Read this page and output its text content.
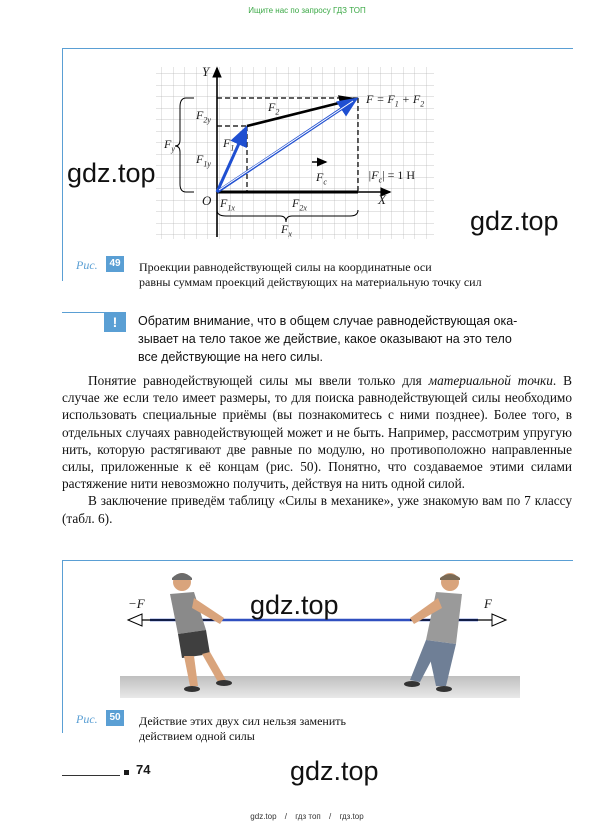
Ищите нас по запросу ГДЗ ТОП
Y
X
O
$F_{2y}$
$F_y$
$F_{1y}$
$F_{1x}$	$F_{2x}$
$F_x$
$F_1$
$F_2$
$F_c$
$F = F_1 + F_2$
$|F_c| = 1$ Н
gdz.top
gdz.top
Рис.	49 Проекции равнодействующей силы на координатные оси
равны суммам проекций действующих на материальную точку сил
!	Обратим внимание, что в общем случае равнодействующая ока-
зывает на тело такое же действие, какое оказывают на это тело
все действующие на него силы.

Понятие равнодействующей силы мы ввели только для материальной точки. В случае же если тело имеет размеры, то для поиска равнодействующей силы необходимо использовать специальные приёмы (вы познакомитесь с ними позднее). Более того, в отдельных случаях равнодействующей может и не быть. Например, рассмотрим упругую нить, которую растягивают две равные по модулю, но противоположно направленные силы, приложенные к её концам (рис. 50). Понятно, что создаваемое этими силами растяжение нити невозможно получить, действуя на нить одной силой.

В заключение приведём таблицу «Силы в механике», уже знакомую вам по 7 классу (табл. 6).

−F	F
gdz.top
Рис.	50 Действие этих двух сил нельзя заменить
действием одной силы
74	gdz.top
gdz.top / гдз топ / гдз.top
